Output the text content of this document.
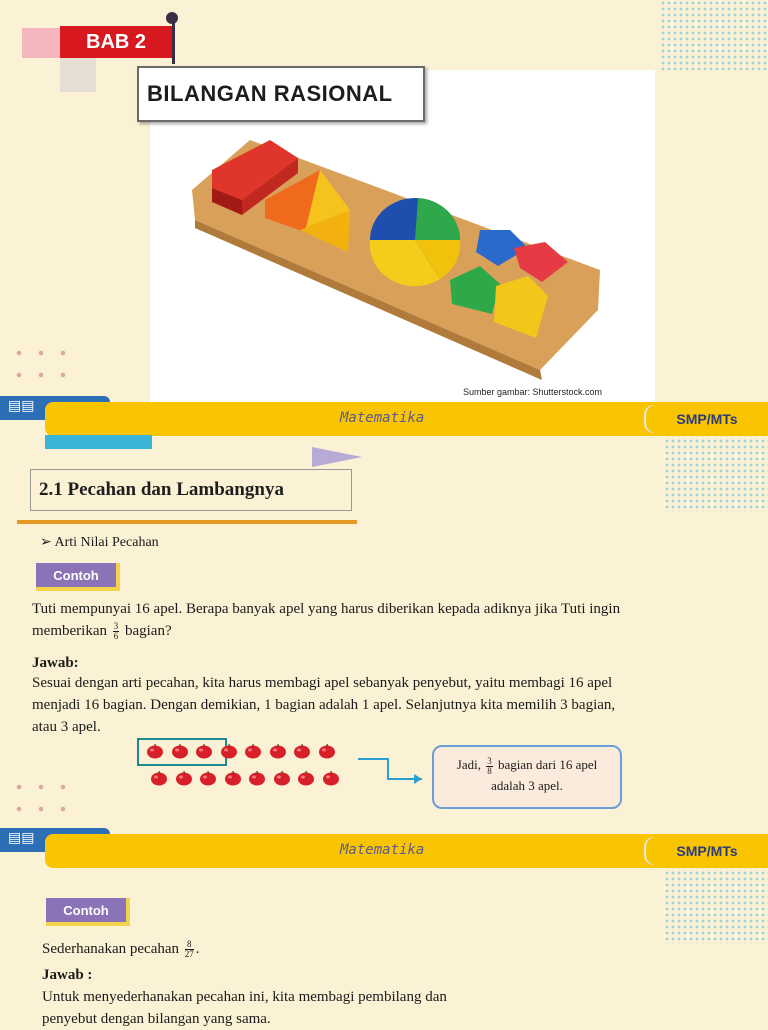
BAB 2
BILANGAN RASIONAL
Sumber gambar: Shutterstock.com
▤▤
Matematika	SMP/MTs
2.1 Pecahan dan Lambangnya
➢ Arti Nilai Pecahan
Contoh
Tuti mempunyai 16 apel. Berapa banyak apel yang harus diberikan kepada adiknya jika Tuti ingin
memberikan $\frac{3}{6}$ bagian?
Jawab:
Sesuai dengan arti pecahan, kita harus membagi apel sebanyak penyebut, yaitu membagi 16 apel
menjadi 16 bagian. Dengan demikian, 1 bagian adalah 1 apel. Selanjutnya kita memilih 3 bagian,
atau 3 apel.
Jadi, $\frac{3}{8}$ bagian dari 16 apel
adalah 3 apel.
▤▤
Matematika	SMP/MTs
Contoh
Sederhanakan pecahan $\frac{8}{27}$ .
Jawab :
Untuk menyederhanakan pecahan ini, kita membagi pembilang dan
penyebut dengan bilangan yang sama.
